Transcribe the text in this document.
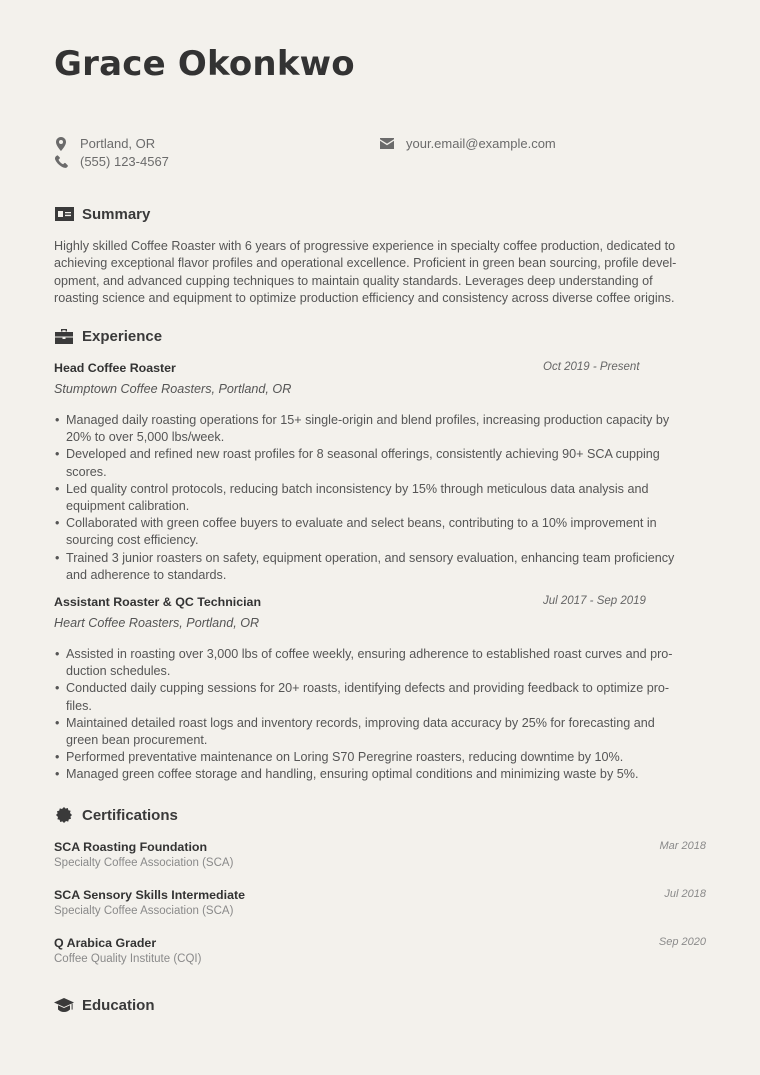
Grace Okonkwo
Portland, OR
(555) 123-4567
your.email@example.com
Summary
Highly skilled Coffee Roaster with 6 years of progressive experience in specialty coffee production, dedicated to
achieving exceptional flavor profiles and operational excellence. Proficient in green bean sourcing, profile devel-
opment, and advanced cupping techniques to maintain quality standards. Leverages deep understanding of
roasting science and equipment to optimize production efficiency and consistency across diverse coffee origins.
Experience
Head Coffee Roaster	Oct 2019 - Present
Stumptown Coffee Roasters, Portland, OR
• Managed daily roasting operations for 15+ single-origin and blend profiles, increasing production capacity by
20% to over 5,000 lbs/week.
• Developed and refined new roast profiles for 8 seasonal offerings, consistently achieving 90+ SCA cupping
scores.
• Led quality control protocols, reducing batch inconsistency by 15% through meticulous data analysis and
equipment calibration.
• Collaborated with green coffee buyers to evaluate and select beans, contributing to a 10% improvement in
sourcing cost efficiency.
• Trained 3 junior roasters on safety, equipment operation, and sensory evaluation, enhancing team proficiency
and adherence to standards.
Assistant Roaster & QC Technician	Jul 2017 - Sep 2019
Heart Coffee Roasters, Portland, OR
• Assisted in roasting over 3,000 lbs of coffee weekly, ensuring adherence to established roast curves and pro-
duction schedules.
• Conducted daily cupping sessions for 20+ roasts, identifying defects and providing feedback to optimize pro-
files.
• Maintained detailed roast logs and inventory records, improving data accuracy by 25% for forecasting and
green bean procurement.
• Performed preventative maintenance on Loring S70 Peregrine roasters, reducing downtime by 10%.
• Managed green coffee storage and handling, ensuring optimal conditions and minimizing waste by 5%.
Certifications
SCA Roasting Foundation	Mar 2018
Specialty Coffee Association (SCA)
SCA Sensory Skills Intermediate	Jul 2018
Specialty Coffee Association (SCA)
Q Arabica Grader	Sep 2020
Coffee Quality Institute (CQI)
Education
